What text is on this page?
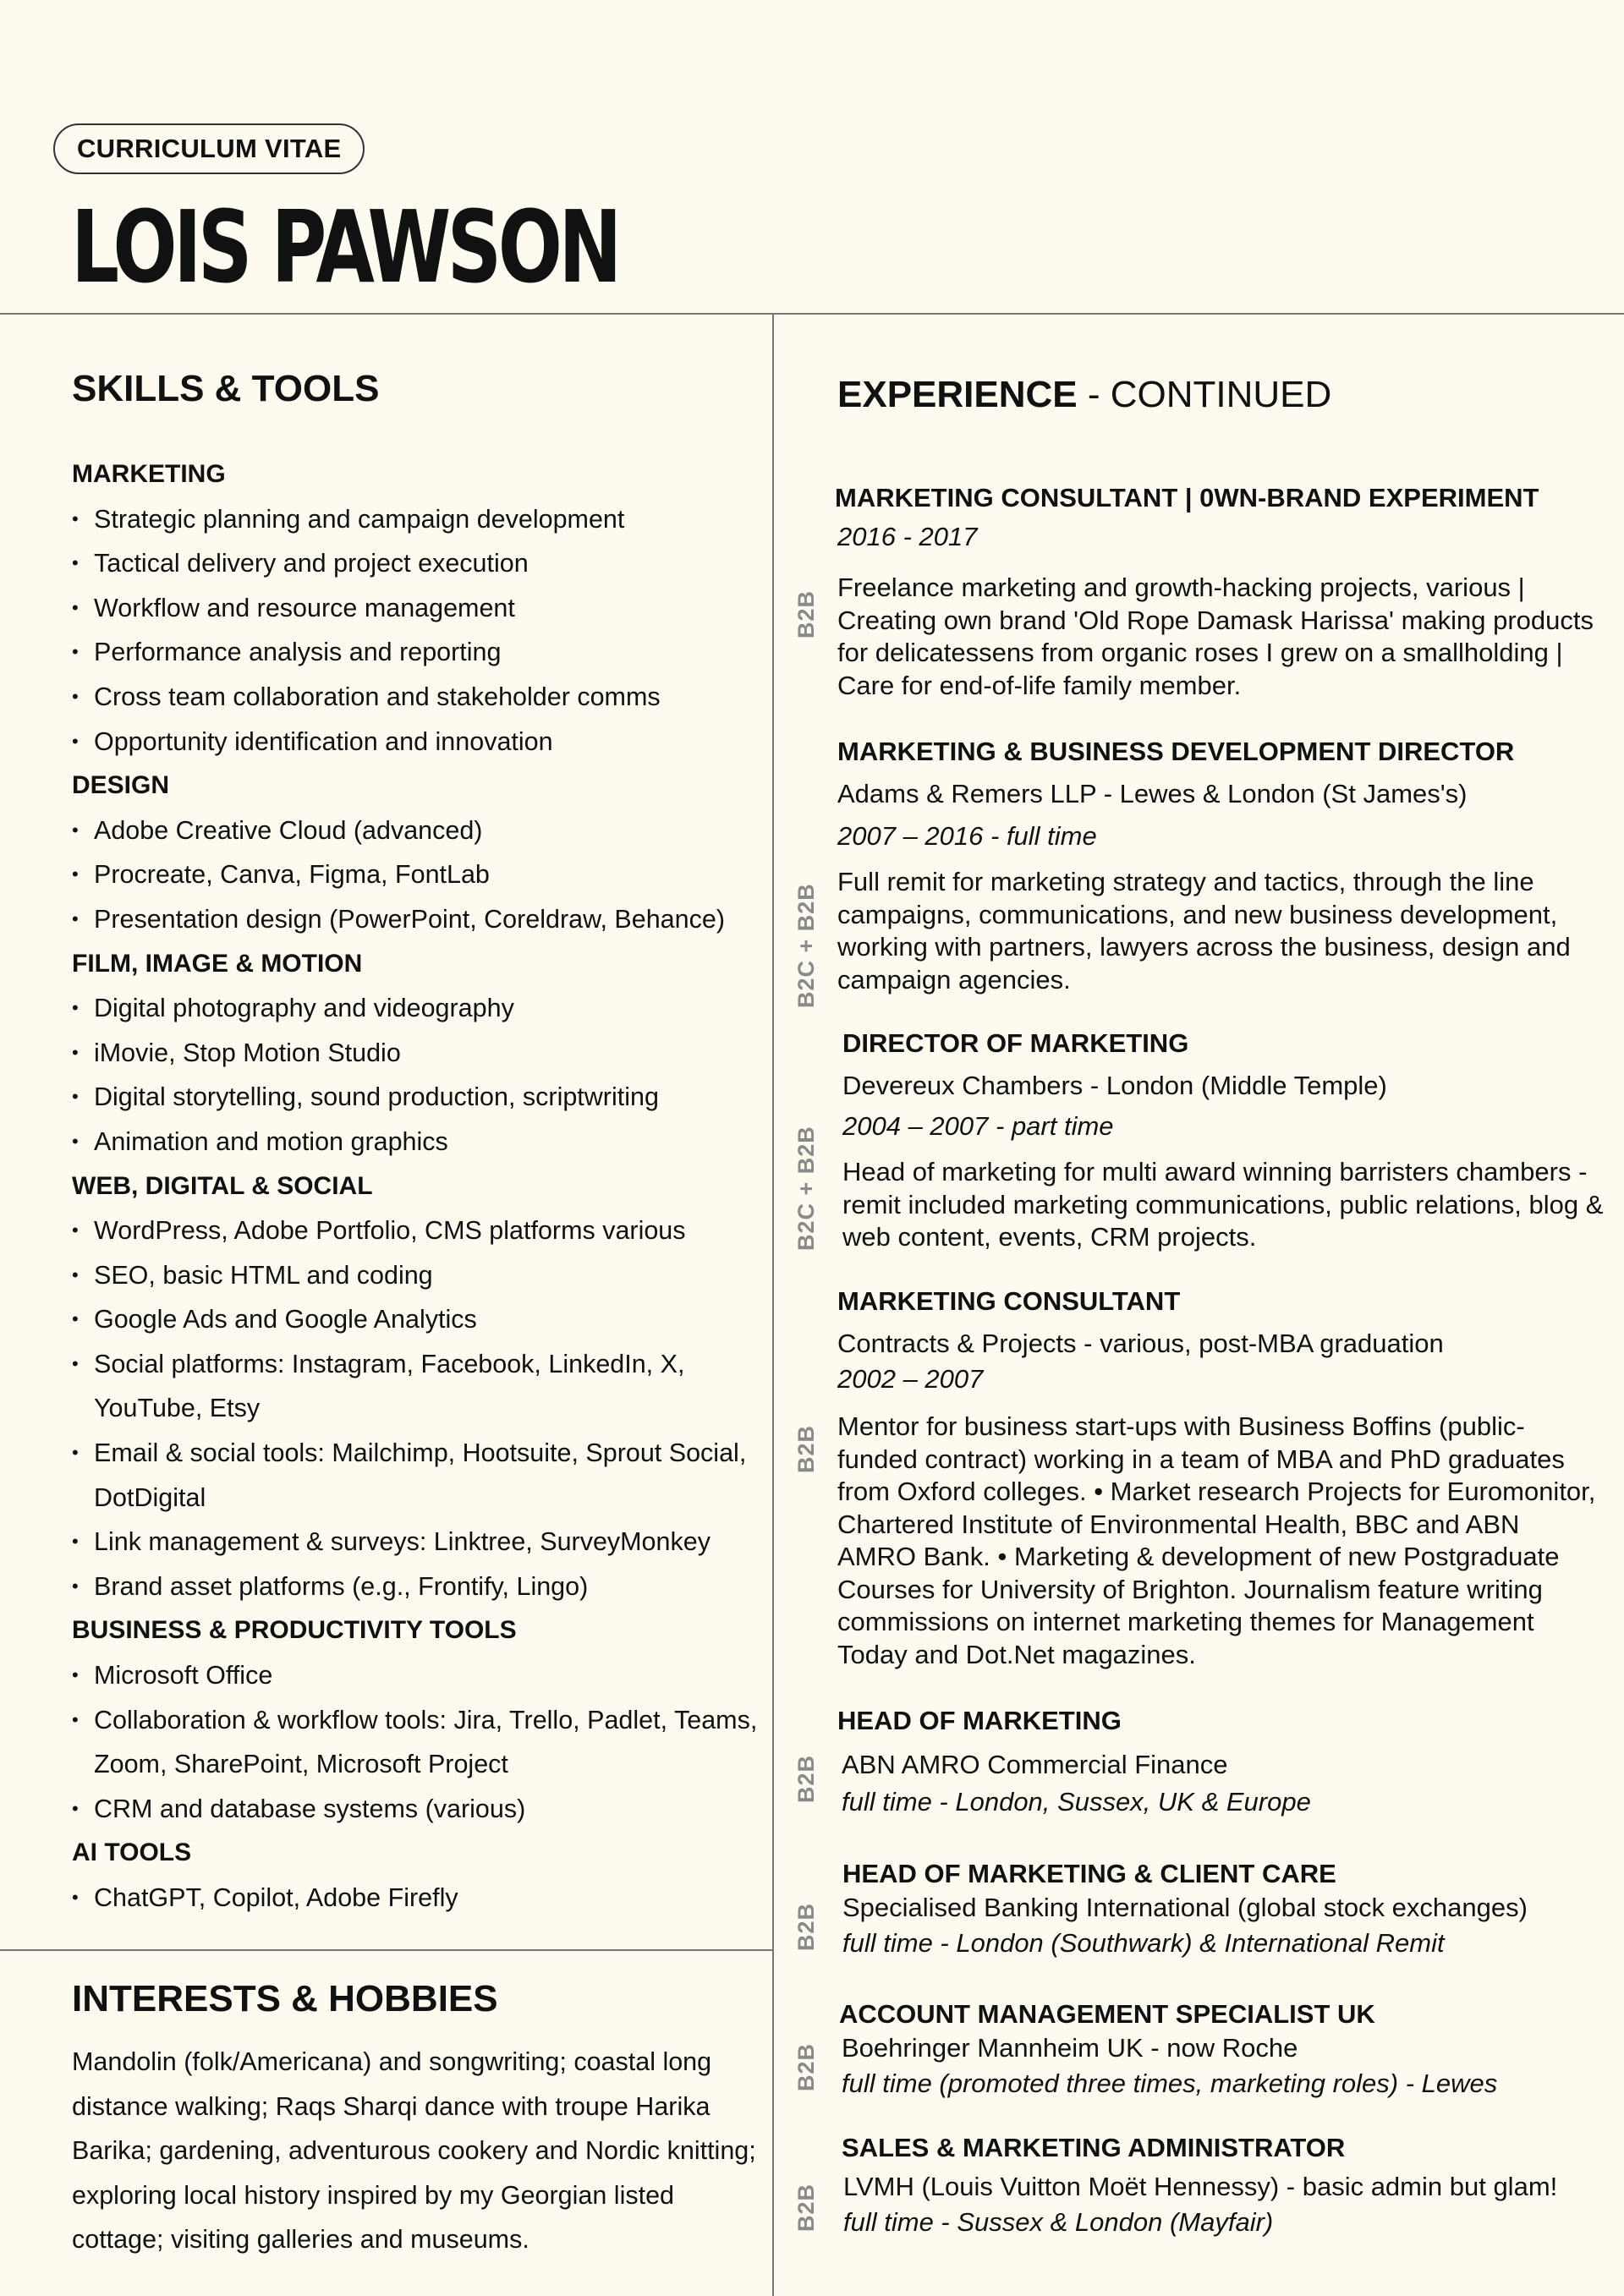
CURRICULUM VITAE
LOIS PAWSON
SKILLS & TOOLS
MARKETING
• Strategic planning and campaign development
• Tactical delivery and project execution
• Workflow and resource management
• Performance analysis and reporting
• Cross team collaboration and stakeholder comms
• Opportunity identification and innovation
DESIGN
• Adobe Creative Cloud (advanced)
• Procreate, Canva, Figma, FontLab
• Presentation design (PowerPoint, Coreldraw, Behance)
FILM, IMAGE & MOTION
• Digital photography and videography
• iMovie, Stop Motion Studio
• Digital storytelling, sound production, scriptwriting
• Animation and motion graphics
WEB, DIGITAL & SOCIAL
• WordPress, Adobe Portfolio, CMS platforms various
• SEO, basic HTML and coding
• Google Ads and Google Analytics
• Social platforms: Instagram, Facebook, LinkedIn, X, YouTube, Etsy
• Email & social tools: Mailchimp, Hootsuite, Sprout Social, DotDigital
• Link management & surveys: Linktree, SurveyMonkey
• Brand asset platforms (e.g., Frontify, Lingo)
BUSINESS & PRODUCTIVITY TOOLS
• Microsoft Office
• Collaboration & workflow tools: Jira, Trello, Padlet, Teams, Zoom, SharePoint, Microsoft Project
• CRM and database systems (various)
AI TOOLS
• ChatGPT, Copilot, Adobe Firefly
INTERESTS & HOBBIES

Mandolin (folk/Americana) and songwriting; coastal long distance walking; Raqs Sharqi dance with troupe Harika Barika; gardening, adventurous cookery and Nordic knitting; exploring local history inspired by my Georgian listed cottage; visiting galleries and museums.

EXPERIENCE - CONTINUED
MARKETING CONSULTANT | 0WN-BRAND EXPERIMENT
2016 - 2017
Freelance marketing and growth-hacking projects, various | Creating own brand 'Old Rope Damask Harissa' making products for delicatessens from organic roses I grew on a smallholding | Care for end-of-life family member.
B2B
MARKETING & BUSINESS DEVELOPMENT DIRECTOR
Adams & Remers LLP - Lewes & London (St James's)
2007 – 2016 - full time
Full remit for marketing strategy and tactics, through the line campaigns, communications, and new business development, working with partners, lawyers across the business, design and campaign agencies.
B2C + B2B
DIRECTOR OF MARKETING
Devereux Chambers - London (Middle Temple)
2004 – 2007 - part time
Head of marketing for multi award winning barristers chambers - remit included marketing communications, public relations, blog & web content, events, CRM projects.
B2C + B2B
MARKETING CONSULTANT
Contracts & Projects - various, post-MBA graduation
2002 – 2007
Mentor for business start-ups with Business Boffins (public-funded contract) working in a team of MBA and PhD graduates from Oxford colleges. • Market research Projects for Euromonitor, Chartered Institute of Environmental Health, BBC and ABN AMRO Bank. • Marketing & development of new Postgraduate Courses for University of Brighton. Journalism feature writing commissions on internet marketing themes for Management Today and Dot.Net magazines.
B2B
HEAD OF MARKETING
ABN AMRO Commercial Finance
full time - London, Sussex, UK & Europe
B2B
HEAD OF MARKETING & CLIENT CARE
Specialised Banking International (global stock exchanges)
full time - London (Southwark) & International Remit
B2B
ACCOUNT MANAGEMENT SPECIALIST UK
Boehringer Mannheim UK - now Roche
full time (promoted three times, marketing roles) - Lewes
B2B
SALES & MARKETING ADMINISTRATOR
LVMH (Louis Vuitton Moët Hennessy) - basic admin but glam!
full time - Sussex & London (Mayfair)
B2B
